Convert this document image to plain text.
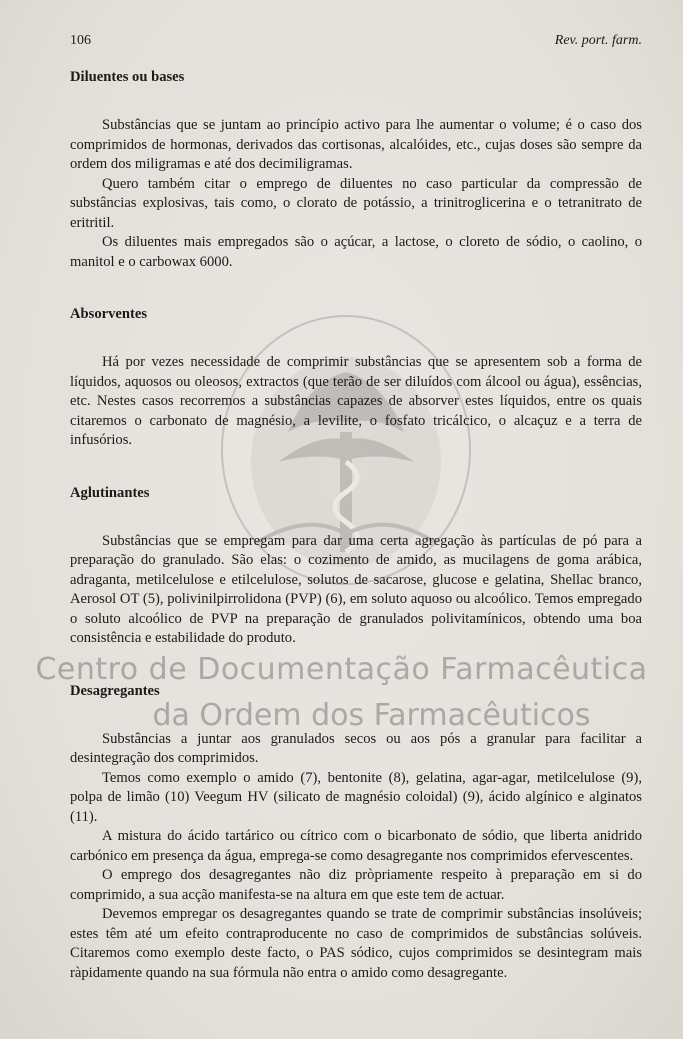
106	Rev. port. farm.
Centro de Documentação Farmacêutica
da Ordem dos Farmacêuticos
Diluentes ou bases

Substâncias que se juntam ao princípio activo para lhe aumentar o volume; é o caso dos comprimidos de hormonas, derivados das cortisonas, alcalóides, etc., cujas doses são sempre da ordem dos miligramas e até dos decimiligramas.

Quero também citar o emprego de diluentes no caso particular da compressão de substâncias explosivas, tais como, o clorato de potássio, a trinitroglicerina e o tetranitrato de eritritil.

Os diluentes mais empregados são o açúcar, a lactose, o cloreto de sódio, o caolino, o manitol e o carbowax 6000.

Absorventes

Há por vezes necessidade de comprimir substâncias que se apresentem sob a forma de líquidos, aquosos ou oleosos, extractos (que terão de ser diluídos com álcool ou água), essências, etc. Nestes casos recorremos a substâncias capazes de absorver estes líquidos, entre os quais citaremos o carbonato de magnésio, a levilite, o fosfato tricálcico, o alcaçuz e a terra de infusórios.

Aglutinantes

Substâncias que se empregam para dar uma certa agregação às partículas de pó para a preparação do granulado. São elas: o cozimento de amido, as mucilagens de goma arábica, adraganta, metilcelulose e etilcelulose, solutos de sacarose, glucose e gelatina, Shellac branco, Aerosol OT (5), polivinilpirrolidona (PVP) (6), em soluto aquoso ou alcoólico. Temos empregado o soluto alcoólico de PVP na preparação de granulados polivitamínicos, obtendo uma boa consistência e estabilidade do produto.

Desagregantes

Substâncias a juntar aos granulados secos ou aos pós a granular para facilitar a desintegração dos comprimidos.

Temos como exemplo o amido (7), bentonite (8), gelatina, agar-agar, metilcelulose (9), polpa de limão (10) Veegum HV (silicato de magnésio coloidal) (9), ácido algínico e alginatos (11).

A mistura do ácido tartárico ou cítrico com o bicarbonato de sódio, que liberta anidrido carbónico em presença da água, emprega-se como desagregante nos comprimidos efervescentes.

O emprego dos desagregantes não diz pròpriamente respeito à preparação em si do comprimido, a sua acção manifesta-se na altura em que este tem de actuar.

Devemos empregar os desagregantes quando se trate de comprimir substâncias insolúveis; estes têm até um efeito contraproducente no caso de comprimidos de substâncias solúveis. Citaremos como exemplo deste facto, o PAS sódico, cujos comprimidos se desintegram mais ràpidamente quando na sua fórmula não entra o amido como desagregante.
